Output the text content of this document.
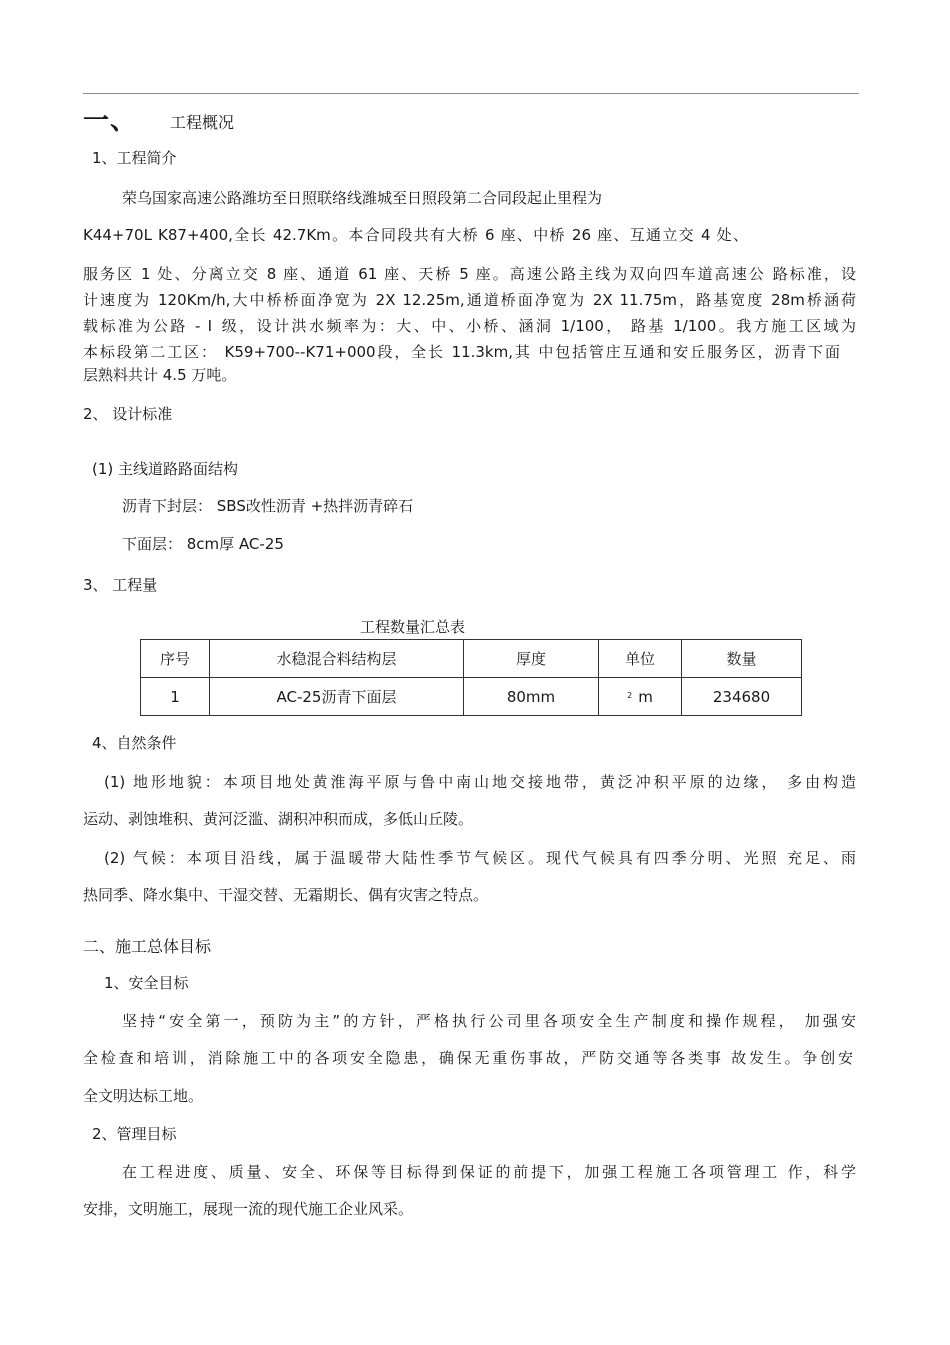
一、 工程概况
1、工程简介
荣乌国家高速公路潍坊至日照联络线潍城至日照段第二合同段起止里程为
K44+70L K87+400,全长 42.7Km。本合同段共有大桥 6 座、中桥 26 座、互通立交 4 处、
服务区 1 处、分离立交 8 座、通道 61 座、天桥 5 座。高速公路主线为双向四车道高速公 路标准，设
计速度为 120Km/h,大中桥桥面净宽为 2X 12.25m,通道桥面净宽为 2X 11.75m，路基宽度 28m桥涵荷
载标准为公路 - Ⅰ 级，设计洪水频率为：大、中、小桥、涵洞 1/100， 路基 1/100。我方施工区域为
本标段第二工区： K59+700--K71+000段，全长 11.3km,其 中包括管庄互通和安丘服务区，沥青下面
层熟料共计 4.5 万吨。
2、 设计标准
(1) 主线道路路面结构
沥青下封层： SBS改性沥青 +热拌沥青碎石
下面层： 8cm厚 AC-25
3、 工程量
工程数量汇总表
序号	水稳混合料结构层	厚度	单位	数量
1	AC-25沥青下面层	80mm	$^2$ m	234680
4、自然条件
(1) 地形地貌：本项目地处黄淮海平原与鲁中南山地交接地带，黄泛冲积平原的边缘， 多由构造
运动、剥蚀堆积、黄河泛滥、湖积冲积而成，多低山丘陵。
(2) 气候：本项目沿线，属于温暖带大陆性季节气候区。现代气候具有四季分明、光照 充足、雨
热同季、降水集中、干湿交替、无霜期长、偶有灾害之特点。
二、施工总体目标
1、安全目标
坚持“安全第一，预防为主”的方针，严格执行公司里各项安全生产制度和操作规程， 加强安
全检查和培训，消除施工中的各项安全隐患，确保无重伤事故，严防交通等各类事 故发生。争创安
全文明达标工地。
2、管理目标
在工程进度、质量、安全、环保等目标得到保证的前提下，加强工程施工各项管理工 作，科学
安排，文明施工，展现一流的现代施工企业风采。
